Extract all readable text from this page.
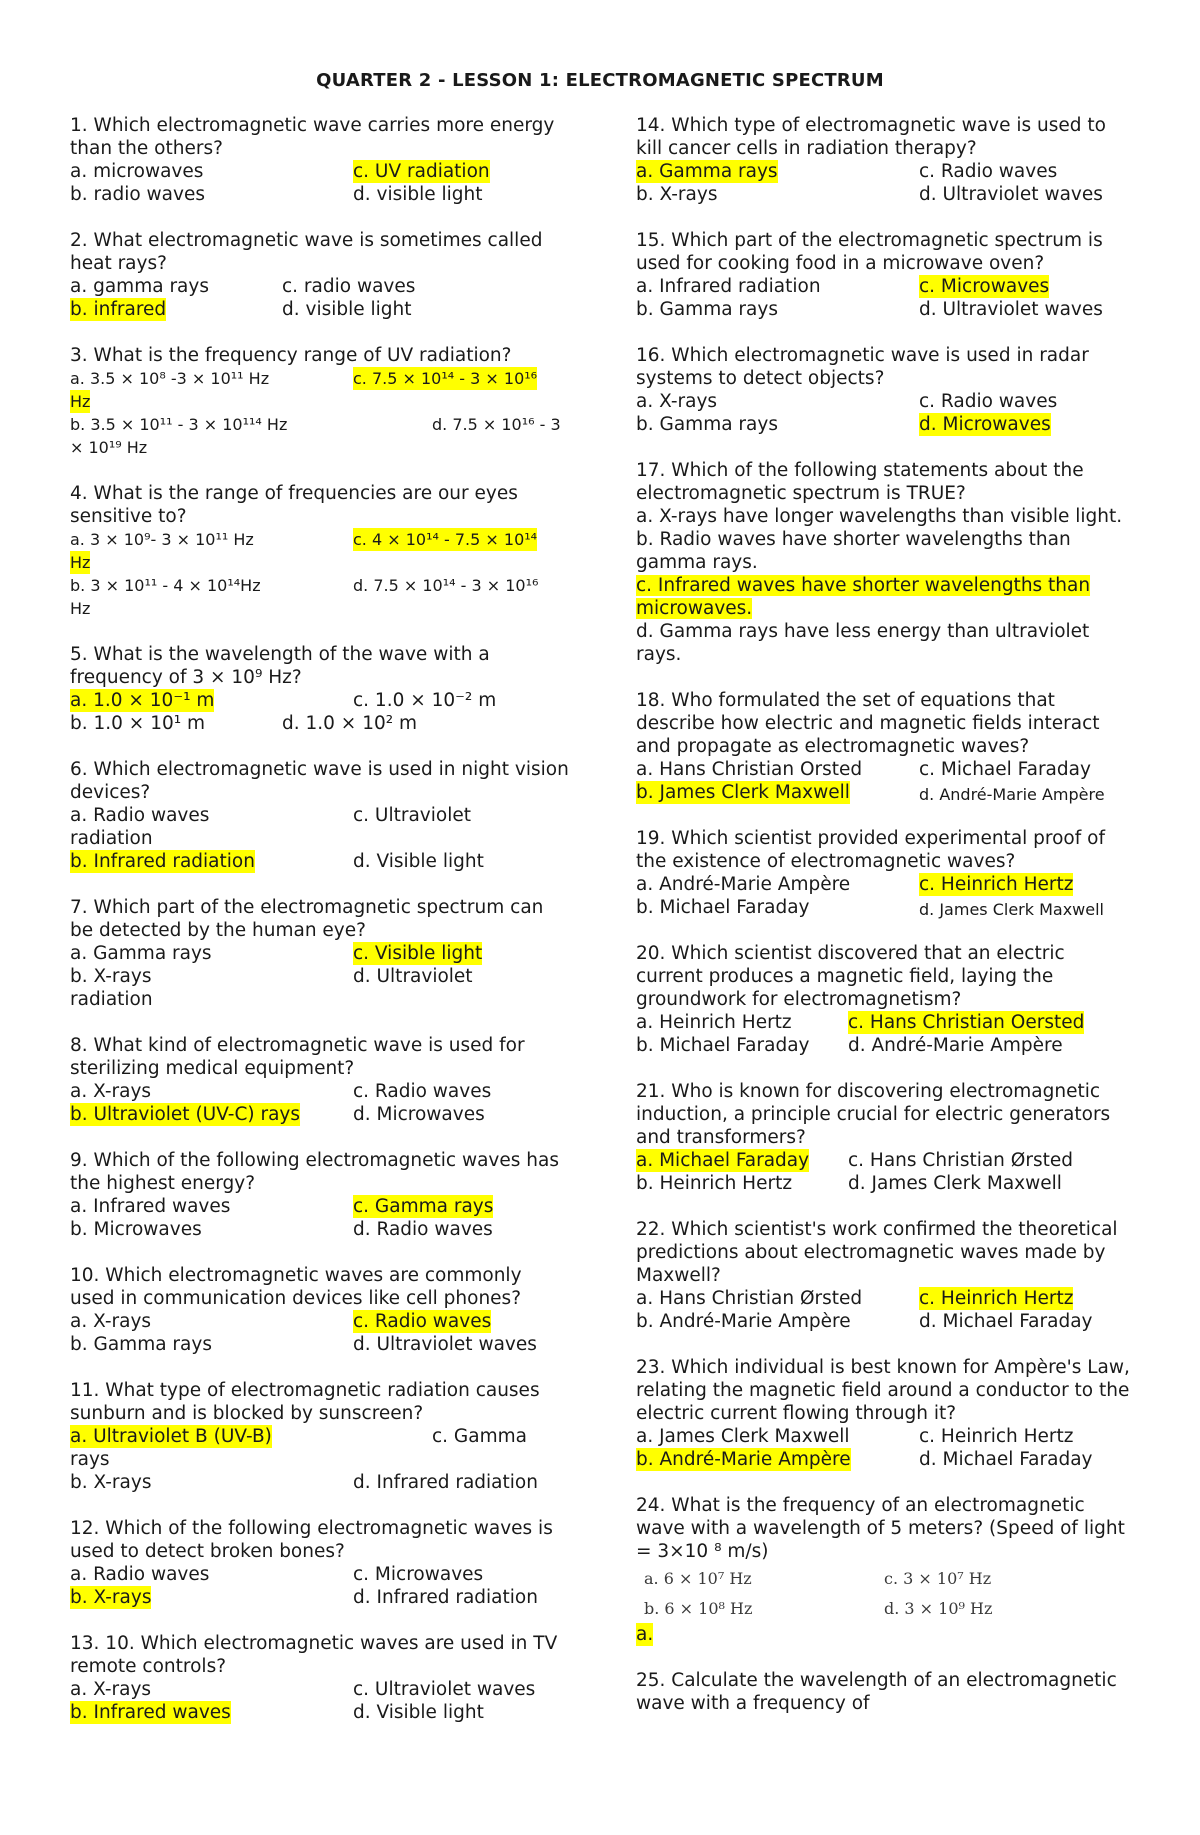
QUARTER 2 - LESSON 1: ELECTROMAGNETIC SPECTRUM

1. Which electromagnetic wave carries more energy than the others?

a. microwaves	c. UV radiation
b. radio waves	d. visible light

2. What electromagnetic wave is sometimes called heat rays?

a. gamma rays	c. radio waves
b. infrared	d. visible light

3. What is the frequency range of UV radiation?

a. 3.5 × 10⁸ -3 × 10¹¹ Hz	c. 7.5 × 10¹⁴ - 3 × 10¹⁶
Hz
b. 3.5 × 10¹¹ - 3 × 10¹¹⁴ Hz	d. 7.5 × 10¹⁶ - 3
× 10¹⁹ Hz

4. What is the range of frequencies are our eyes sensitive to?

a. 3 × 10⁹- 3 × 10¹¹ Hz	c. 4 × 10¹⁴ - 7.5 × 10¹⁴
Hz
b. 3 × 10¹¹ - 4 × 10¹⁴Hz	d. 7.5 × 10¹⁴ - 3 × 10¹⁶
Hz

5. What is the wavelength of the wave with a frequency of 3 × 10⁹ Hz?

a. 1.0 × 10⁻¹ m	c. 1.0 × 10⁻² m
b. 1.0 × 10¹ m	d. 1.0 × 10² m

6. Which electromagnetic wave is used in night vision devices?

a. Radio waves	c. Ultraviolet
radiation
b. Infrared radiation	d. Visible light

7. Which part of the electromagnetic spectrum can be detected by the human eye?

a. Gamma rays	c. Visible light
b. X-rays	d. Ultraviolet
radiation

8. What kind of electromagnetic wave is used for sterilizing medical equipment?

a. X-rays	c. Radio waves
b. Ultraviolet (UV-C) rays	d. Microwaves

9. Which of the following electromagnetic waves has the highest energy?

a. Infrared waves	c. Gamma rays
b. Microwaves	d. Radio waves

10. Which electromagnetic waves are commonly used in communication devices like cell phones?

a. X-rays	c. Radio waves
b. Gamma rays	d. Ultraviolet waves

11. What type of electromagnetic radiation causes sunburn and is blocked by sunscreen?

a. Ultraviolet B (UV-B)	c. Gamma
rays
b. X-rays	d. Infrared radiation

12. Which of the following electromagnetic waves is used to detect broken bones?

a. Radio waves	c. Microwaves
b. X-rays	d. Infrared radiation

13. 10. Which electromagnetic waves are used in TV remote controls?

a. X-rays	c. Ultraviolet waves
b. Infrared waves	d. Visible light

14. Which type of electromagnetic wave is used to kill cancer cells in radiation therapy?

a. Gamma rays	c. Radio waves
b. X-rays	d. Ultraviolet waves

15. Which part of the electromagnetic spectrum is used for cooking food in a microwave oven?

a. Infrared radiation	c. Microwaves
b. Gamma rays	d. Ultraviolet waves

16. Which electromagnetic wave is used in radar systems to detect objects?

a. X-rays	c. Radio waves
b. Gamma rays	d. Microwaves

17. Which of the following statements about the electromagnetic spectrum is TRUE?

a. X-rays have longer wavelengths than visible light.

b. Radio waves have shorter wavelengths than gamma rays.

c. Infrared waves have shorter wavelengths than microwaves.

d. Gamma rays have less energy than ultraviolet rays.

18. Who formulated the set of equations that describe how electric and magnetic fields interact and propagate as electromagnetic waves?

a. Hans Christian Orsted	c. Michael Faraday
b. James Clerk Maxwell	d. André-Marie Ampère

19. Which scientist provided experimental proof of the existence of electromagnetic waves?

a. André-Marie Ampère	c. Heinrich Hertz
b. Michael Faraday	d. James Clerk Maxwell

20. Which scientist discovered that an electric current produces a magnetic field, laying the groundwork for electromagnetism?

a. Heinrich Hertz	c. Hans Christian Oersted
b. Michael Faraday d. André-Marie Ampère

21. Who is known for discovering electromagnetic induction, a principle crucial for electric generators and transformers?

a. Michael Faraday c. Hans Christian Ørsted
b. Heinrich Hertz	d. James Clerk Maxwell

22. Which scientist's work confirmed the theoretical predictions about electromagnetic waves made by Maxwell?

a. Hans Christian Ørsted	c. Heinrich Hertz
b. André-Marie Ampère	d. Michael Faraday

23. Which individual is best known for Ampère's Law, relating the magnetic field around a conductor to the electric current flowing through it?

a. James Clerk Maxwell	c. Heinrich Hertz
b. André-Marie Ampère	d. Michael Faraday

24. What is the frequency of an electromagnetic wave with a wavelength of 5 meters? (Speed of light = 3×10 ⁸ m/s)

a. 6 × 10⁷ Hz	c. 3 × 10⁷ Hz
b. 6 × 10⁸ Hz	d. 3 × 10⁹ Hz
a.

25. Calculate the wavelength of an electromagnetic wave with a frequency of
